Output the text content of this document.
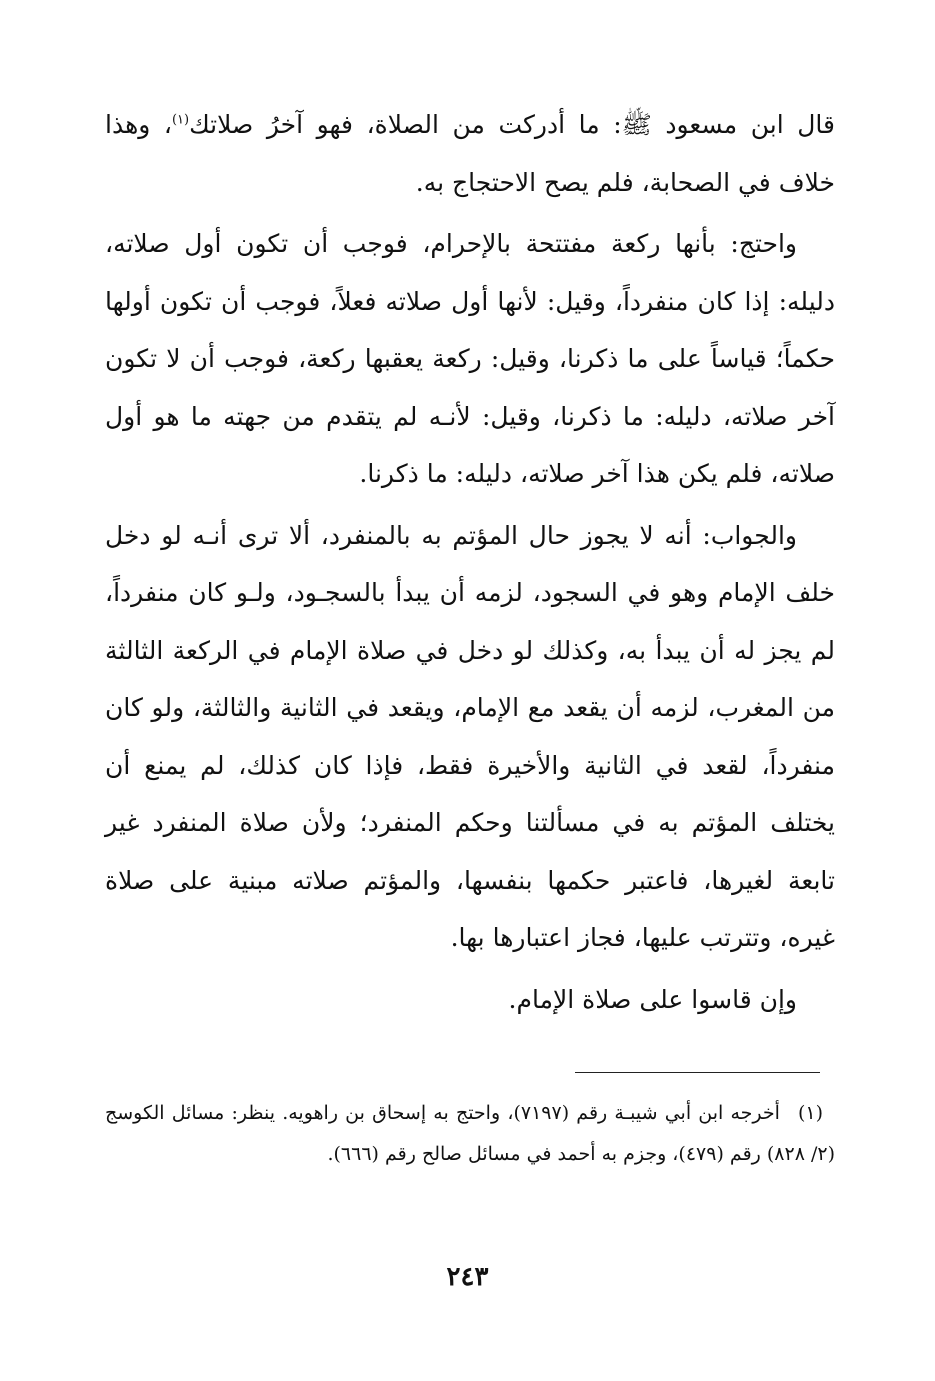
قال ابن مسعود ﷺ: ما أدركت من الصلاة، فهو آخرُ صلاتك$^{(١)}$، وهذا خلاف في الصحابة، فلم يصح الاحتجاج به.

واحتج: بأنها ركعة مفتتحة بالإحرام، فوجب أن تكون أول صلاته، دليله: إذا كان منفرداً، وقيل: لأنها أول صلاته فعلاً، فوجب أن تكون أولها حكماً؛ قياساً على ما ذكرنا، وقيل: ركعة يعقبها ركعة، فوجب أن لا تكون آخر صلاته، دليله: ما ذكرنا، وقيل: لأنـه لم يتقدم من جهته ما هو أول صلاته، فلم يكن هذا آخر صلاته، دليله: ما ذكرنا.

والجواب: أنه لا يجوز حال المؤتم به بالمنفرد، ألا ترى أنـه لو دخل خلف الإمام وهو في السجود، لزمه أن يبدأ بالسجـود، ولـو كان منفرداً، لم يجز له أن يبدأ به، وكذلك لو دخل في صلاة الإمام في الركعة الثالثة من المغرب، لزمه أن يقعد مع الإمام، ويقعد في الثانية والثالثة، ولو كان منفرداً، لقعد في الثانية والأخيرة فقط، فإذا كان كذلك، لم يمنع أن يختلف المؤتم به في مسألتنا وحكم المنفرد؛ ولأن صلاة المنفرد غير تابعة لغيرها، فاعتبر حكمها بنفسها، والمؤتم صلاته مبنية على صلاة غيره، وتترتب عليها، فجاز اعتبارها بها.

وإن قاسوا على صلاة الإمام.

(١)أخرجه ابن أبي شيبـة رقم (٧١٩٧)، واحتج به إسحاق بن راهويه. ينظر: مسائل الكوسج (٢/ ٨٢٨) رقم (٤٧٩)، وجزم به أحمد في مسائل صالح رقم (٦٦٦).

٢٤٣
